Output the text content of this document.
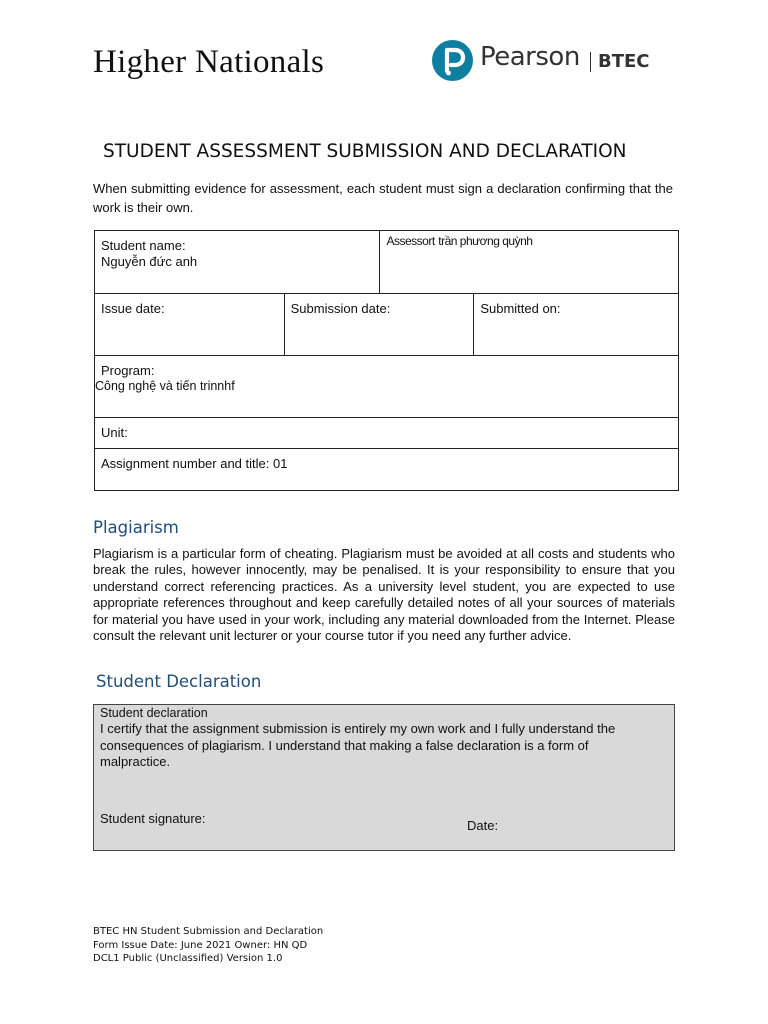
Higher Nationals	Pearson BTEC
STUDENT ASSESSMENT SUBMISSION AND DECLARATION
When submitting evidence for assessment, each student must sign a declaration confirming that the work is their own.
Student name:
Nguyễn đức anh		Assessort trần phương quỳnh	

Issue date:	Submission date:		Submitted on:

Program:
Công nghệ và tiến trinnhf			

Unit:			

Assignment number and title: 01			
Plagiarism
Plagiarism is a particular form of cheating. Plagiarism must be avoided at all costs and students who break the rules, however innocently, may be penalised. It is your responsibility to ensure that you understand correct referencing practices. As a university level student, you are expected to use appropriate references throughout and keep carefully detailed notes of all your sources of materials for material you have used in your work, including any material downloaded from the Internet. Please consult the relevant unit lecturer or your course tutor if you need any further advice.
Student Declaration
Student declaration
I certify that the assignment submission is entirely my own work and I fully understand the consequences of plagiarism. I understand that making a false declaration is a form of malpractice.
Student signature:	Date:
BTEC HN Student Submission and Declaration
Form Issue Date: June 2021 Owner: HN QD
DCL1 Public (Unclassified) Version 1.0
